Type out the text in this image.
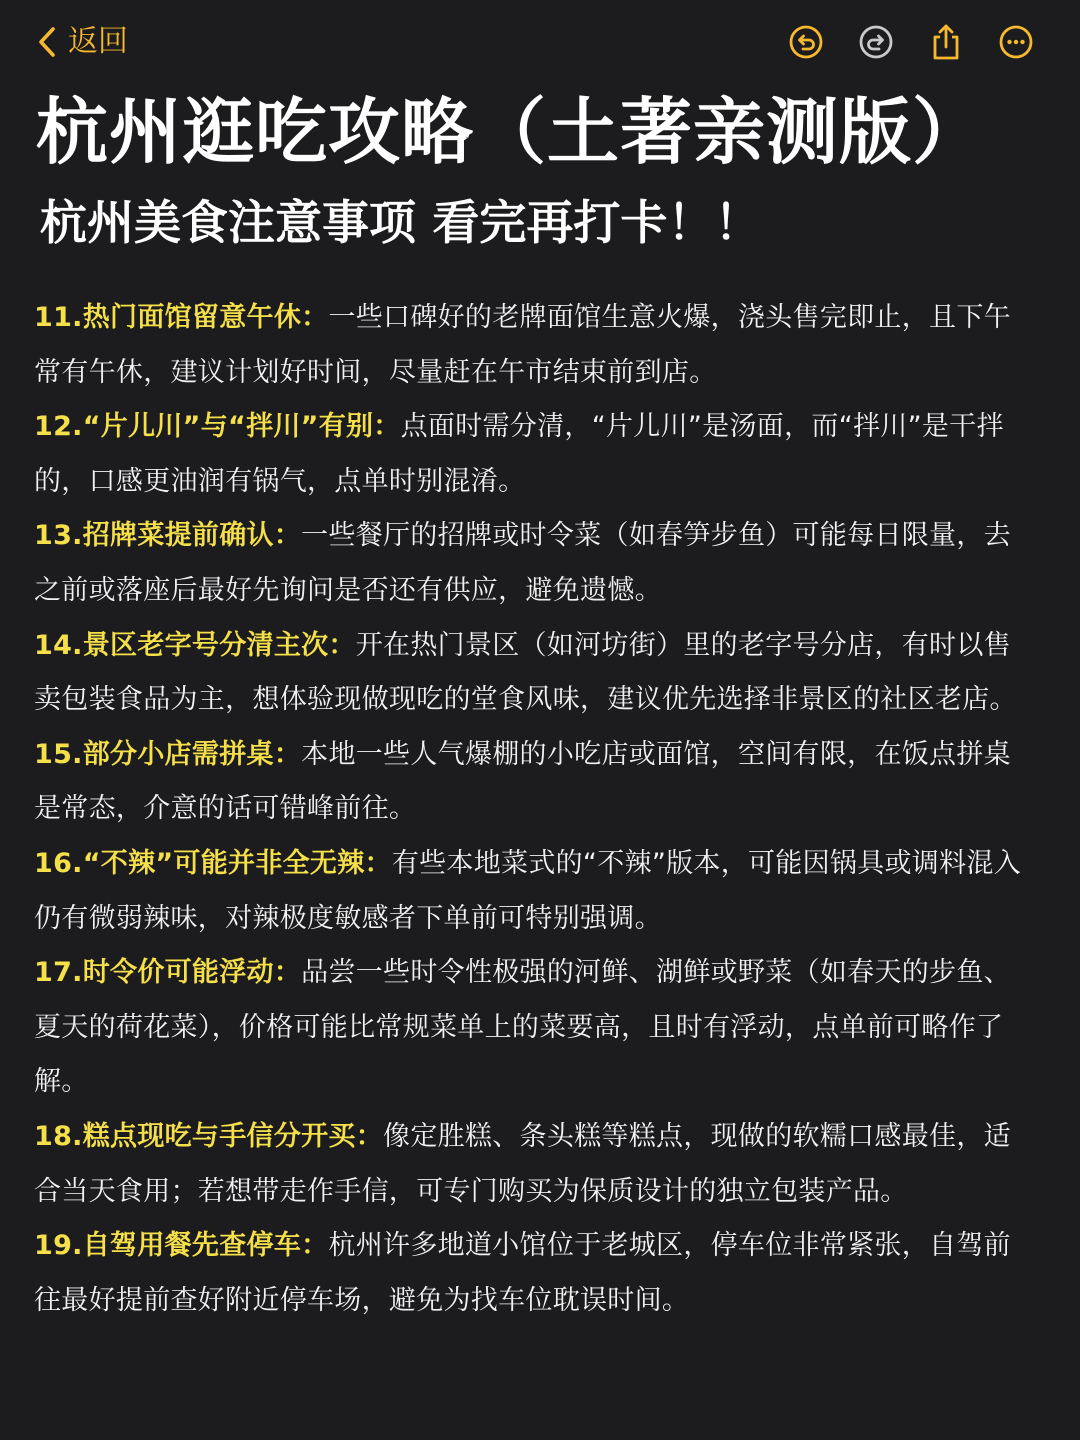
返回
杭州逛吃攻略（土著亲测版）
杭州美食注意事项 看完再打卡！！
11.热门面馆留意午休：一些口碑好的老牌面馆生意火爆，浇头售完即止，且下午常有午休，建议计划好时间，尽量赶在午市结束前到店。
12.“片儿川”与“拌川”有别：点面时需分清，“片儿川”是汤面，而“拌川”是干拌的，口感更油润有锅气，点单时别混淆。
13.招牌菜提前确认：一些餐厅的招牌或时令菜（如春笋步鱼）可能每日限量，去之前或落座后最好先询问是否还有供应，避免遗憾。
14.景区老字号分清主次：开在热门景区（如河坊街）里的老字号分店，有时以售卖包装食品为主，想体验现做现吃的堂食风味，建议优先选择非景区的社区老店。
15.部分小店需拼桌：本地一些人气爆棚的小吃店或面馆，空间有限，在饭点拼桌是常态，介意的话可错峰前往。
16.“不辣”可能并非全无辣：有些本地菜式的“不辣”版本，可能因锅具或调料混入仍有微弱辣味，对辣极度敏感者下单前可特别强调。
17.时令价可能浮动：品尝一些时令性极强的河鲜、湖鲜或野菜（如春天的步鱼、夏天的荷花菜），价格可能比常规菜单上的菜要高，且时有浮动，点单前可略作了解。
18.糕点现吃与手信分开买：像定胜糕、条头糕等糕点，现做的软糯口感最佳，适合当天食用；若想带走作手信，可专门购买为保质设计的独立包装产品。
19.自驾用餐先查停车：杭州许多地道小馆位于老城区，停车位非常紧张，自驾前往最好提前查好附近停车场，避免为找车位耽误时间。
